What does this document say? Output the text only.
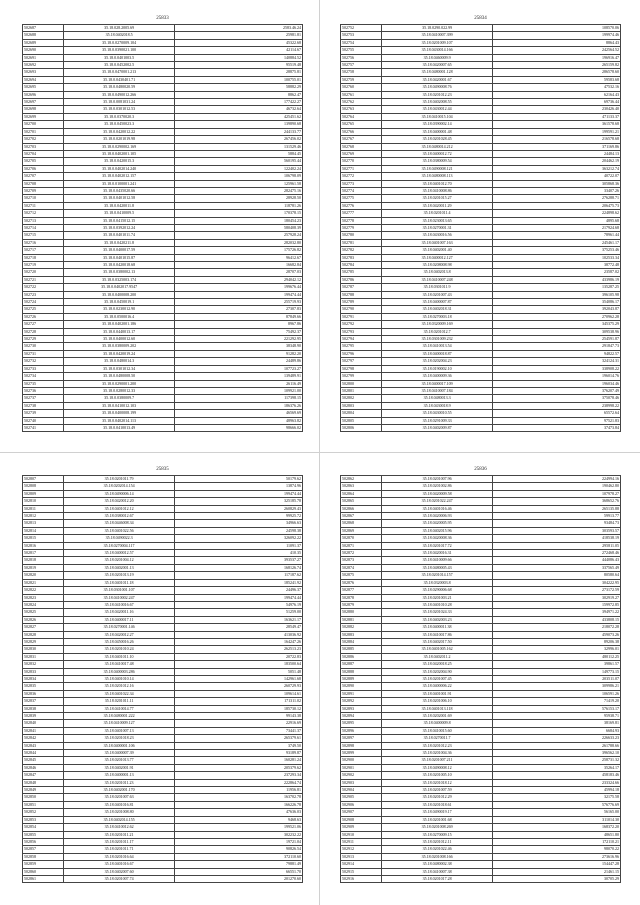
25833
502687	35.18.028.2005.69	2583.46.24
502688	35.18.0402018.5	25981.81
502689	35.18.0.0270009.104	45322.68
502690	35.18.0.0390021.100	42114.67
502691	35.18.0.0401003.5	140884.52
502692	35.18.0.0452002.5	95519.48
502693	35.18.0.0470001.213	28875.81
502694	35.18.0.0430401.71	100755.01
502695	35.18.0.0480020.59	58882.29
502696	35.18.0.0490012.266	8862.47
502697	35.18.0.0081031.24	177422.27
502698	35.18.0.0301012.53	46732.64
502699	35.18.0.0370020.3	425451.62
502700	35.18.0.0450023.3	139890.68
502701	35.18.0.0420012.22	244133.77
502702	35.18.0.0201019.98	267456.02
502703	35.18.0.0290002.169	131529.46
502704	35.18.0.0402001.105	5884.45
502705	35.18.0.0420015.3	560195.44
502706	35.18.0.0402014.240	122402.24
502707	35.18.0.0402012.157	106798.09
502708	35.18.0.0100001.241	125961.58
502709	35.18.0.0435020.66	282475.16
502710	35.18.0.0401012.58	28928.50
502711	35.18.0.0420011.8	118781.26
502712	35.18.0.0410009.5	170378.15
502713	35.18.0.0415012.15	180454.23
502714	35.18.0.0392012.24	580408.39
502715	35.18.0.0401011.74	257928.24
502716	35.18.0.0420211.8	282032.80
502717	35.18.0.0400017.59	175726.82
502718	35.18.0.0401015.87	96412.67
502719	35.18.0.0420018.68	16682.84
502720	35.18.0.0380002.13	28707.03
502721	35.18.0.0325003.174	294042.12
502722	35.18.0.0402017.9547	199676.44
502723	35.18.0.0400008.200	199474.44
502724	35.18.0.0450019.1	255719.93
502725	35.18.0.0230012.90	27307.83
502726	35.18.0.0500016.4	87849.66
502727	35.18.0.0402001.186	8967.86
502728	35.18.0.0440013.17	75492.37
502729	35.18.0.0400012.60	221292.95
502730	35.18.0.0380009.202	38348.90
502731	35.18.0.0420019.24	91282.20
502732	35.18.0.0480014.3	24489.86
502733	35.18.0.0301012.34	107723.27
502734	35.18.0.0480008.50	139489.91
502735	35.18.0.0290001.200	26116.49
502736	35.18.0.0280012.33	109921.00
502737	35.18.0.0380009.7	117398.15
502738	35.18.0.0410012.103	186376.26
502739	35.18.0.0400008.199	46569.69
502740	35.18.0.0402014.113	48963.82
502741	35.18.0.0410013.49	98666.02
25834
502752	35.18.0290.022.99	108570.06
502753	35.18.0410007.399	199974.46
502754	35.18.0201009.107	8864.43
502755	35.18.0430014.166	242564.52
502756	35.18.0460009.9	196916.47
502757	35.18.0420007.65	265159.82
502758	35.18.0480001.128	286578.60
502759	35.18.0420001.67	59583.68
502760	35.18.0490008.76	47532.16
502761	35.18.0201012.23	62164.43
502762	35.18.0402008.55	69736.44
502763	35.18.0430012.44	230426.40
502764	35.18.0410015.104	471133.37
502765	35.18.0390002.14	361578.68
502766	35.18.0400001.48	199591.21
502767	35.18.0201028.45	216578.68
502768	35.18.0480014.212	371169.86
502769	35.18.0400012.72	24484.13
502770	35.18.0380009.54	204462.19
502771	35.18.0490008.121	363212.74
502772	35.18.0480008.113	40722.07
502773	35.18.0401012.70	305868.36
502774	35.18.0410008.86	33407.26
502775	35.18.0201015.27	276288.71
502776	35.18.0420011.29	206475.73
502777	35.18.0201011.4	224898.62
502778	35.18.0230013.65	4895.68
502779	35.18.0270001.31	217924.68
502780	35.18.0430016.56	78961.44
502781	35.18.0401007.163	245461.17
502782	35.18.0402001.40	375253.46
502783	35.18.0400012.127	102533.34
502784	35.18.0208008.98	38772.48
502785	35.18.0402013.8	23587.02
502786	35.18.0410007.248	433986.19
502787	35.18.0301011.9	135287.25
502788	35.18.0201007.43	396105.98
502789	35.18.0400007.87	354086.17
502790	35.18.0402018.31	392043.87
502791	35.18.0270003.18	270962.28
502792	35.18.0320009.169	345375.29
502793	35.18.0201012.7	309538.96
502794	35.18.0301009.232	254591.87
502795	35.18.0410013.54	291847.73
502796	35.18.0400018.87	94822.57
502797	35.18.0202004.23	324124.31
502798	35.18.0190002.10	338908.22
502799	35.18.0400009.36	196014.76
502800	35.18.0400017.109	196034.46
502801	35.18.0410007.184	376207.49
502802	35.18.0480013.3	375078.46
502803	35.18.0430018.9	238998.22
502804	35.18.0430010.55	65572.64
502805	35.18.0291009.33	97521.83
502806	35.18.0402009.87	37473.84
25835
502807	35.18.0201011.79	50179.62
502808	35.18.0202014.154	13874.96
502809	35.18.0490006.14	199474.44
502810	35.18.0420012.20	325185.78
502811	35.18.0401012.12	260829.43
502812	35.18.0380012.67	99925.72
502813	35.18.0446008.34	34966.63
502814	35.18.0401022.56	24598.38
502815	35.18.0490022.3	326092.22
502816	35.18.0270004.117	11091.37
502817	35.18.0400012.57	410.35
502818	35.18.0201004.12	393537.27
502819	35.18.0402001.13	168126.74
502820	35.18.0201013.19	117187.62
502821	35.18.0401011.18	185241.92
502822	35.18.0301001.107	24496.37
502823	35.18.0410002.247	199474.44
502824	35.18.0410016.67	54976.19
502825	35.18.0420011.16	51259.00
502826	35.18.0400017.11	163621.17
502827	35.18.0270001.146	28549.47
502828	35.18.0420012.27	413036.92
502829	35.18.0450016.26	164247.26
502830	35.18.0201010.24	262513.23
502831	35.18.0401011.10	20722.83
502832	35.18.0410017.48	183500.64
502833	35.18.0400003.286	5051.48
502834	35.18.0401010.14	142961.68
502835	35.18.0201012.16	260729.93
502836	35.18.0401022.34	109614.61
502837	35.18.0201011.11	171311.02
502838	35.18.0410014.77	185730.12
502839	35.18.0480001.222	99143.38
502840	35.18.0410009.127	22916.69
502841	35.18.0401007.13	73441.37
502842	35.18.0201018.23	265379.61
502843	35.18.0400001.106	3749.50
502844	35.18.0400007.39	93189.87
502845	35.18.0201013.77	160281.24
502846	35.18.0402001.91	205379.62
502847	35.18.0400001.13	237293.34
502848	35.18.0201011.23	222864.74
502849	35.18.0402001.170	11956.81
502850	35.18.0201007.63	163702.78
502851	35.18.0401016.81	166226.78
502852	35.18.0201008.80	47636.03
502853	35.18.0402014.155	9468.63
502854	35.18.0410012.62	199521.06
502855	35.18.0201011.21	302232.22
502856	35.18.0201011.17	19721.04
502857	35.18.0201011.71	90826.54
502858	35.18.0201016.64	372110.60
502859	35.18.0401016.67	79881.49
502860	35.18.0402007.60	66551.70
502861	35.18.0201007.74	201270.60
25836
502862	35.18.0201007.96	224994.16
502863	35.18.0201002.86	190462.80
502864	35.18.0420009.58	107978.27
502865	35.18.0201022.247	368652.76
502866	35.18.0401016.46	265135.88
502867	35.18.0420006.93	59913.77
502868	35.18.0420005.95	93484.73
502869	35.18.0402015.96	303593.57
502870	35.18.0420008.36	418538.19
502871	35.18.0201017.72	295811.05
502872	35.18.0420016.31	272468.46
502873	35.18.0410009.66	444086.43
502874	35.18.0480005.43	337565.49
502875	35.18.0201014.157	80580.64
502876	35.18.0320003.8	304222.95
502877	35.18.0290006.68	273172.59
502878	35.18.0201003.21	302919.27
502879	35.18.0401010.28	159972.85
502880	35.18.0201024.33	394971.22
502881	35.18.0402003.23	433808.15
502882	35.18.0400011.38	218072.28
502883	35.18.0410017.86	459073.26
502884	35.18.0402017.50	89206.38
502885	35.18.0401005.162	32996.01
502886	35.18.0402011.2	480112.25
502887	35.18.0420018.25	39861.57
502888	35.18.0202004.90	149773.15
502889	35.18.0201007.45	203511.07
502890	35.18.0400006.22	309986.21
502891	35.18.0401001.91	106591.26
502892	35.18.0201006.10	71419.20
502893	35.18.0401013.118	576153.17
502894	35.18.0202001.69	95938.71
502895	35.18.0400009.8	38169.81
502896	35.18.0410015.60	6684.93
502897	35.18.0270011.7	226633.23
502898	35.18.0201012.23	261788.66
502899	35.18.0201004.36	396562.10
502900	35.18.0201007.211	258731.32
502901	35.18.0490008.12	35264.17
502902	35.18.0201005.10	458183.46
502903	35.18.0201018.12	233324.66
502904	35.18.0201007.59	45994.18
502905	35.18.0201012.29	32175.58
502906	35.18.0201018.61	576776.69
502907	35.18.0490019.17	56165.00
502908	35.18.0201001.68	311014.30
502909	35.18.0201008.269	168372.20
502910	35.18.0270009.15	48651.80
502911	35.18.0201012.11	172110.21
502912	35.18.0201022.46	98070.22
502913	35.18.0201008.166	273616.96
502914	35.18.0480002.38	154447.28
502915	35.18.0410007.38	21461.15
502916	35.18.0201017.28	30705.29
